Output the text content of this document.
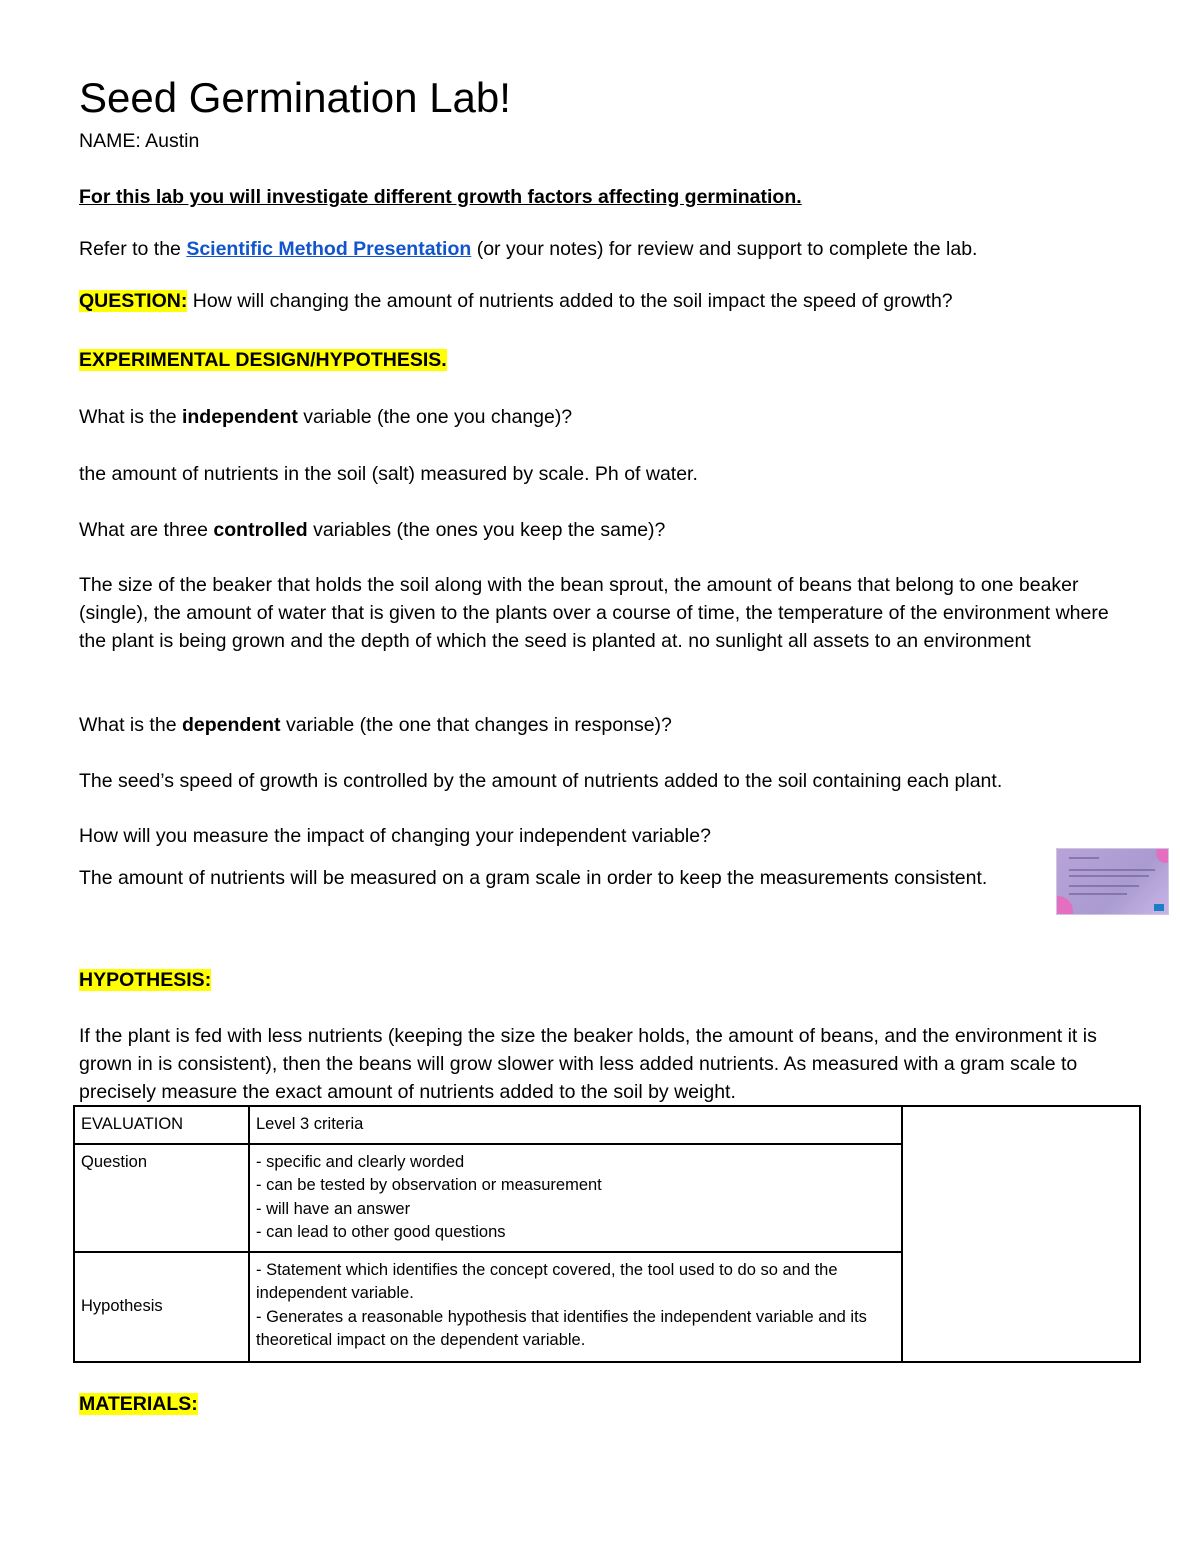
Seed Germination Lab!
NAME: Austin
For this lab you will investigate different growth factors affecting germination.
Refer to the Scientific Method Presentation (or your notes) for review and support to complete the lab.
QUESTION: How will changing the amount of nutrients added to the soil impact the speed of growth?
EXPERIMENTAL DESIGN/HYPOTHESIS.
What is the independent variable (the one you change)?
the amount of nutrients in the soil (salt) measured by scale. Ph of water.
What are three controlled variables (the ones you keep the same)?
The size of the beaker that holds the soil along with the bean sprout, the amount of beans that belong to one beaker (single), the amount of water that is given to the plants over a course of time, the temperature of the environment where the plant is being grown and the depth of which the seed is planted at. no sunlight all assets to an environment
What is the dependent variable (the one that changes in response)?
The seed’s speed of growth is controlled by the amount of nutrients added to the soil containing each plant.
How will you measure the impact of changing your independent variable?
The amount of nutrients will be measured on a gram scale in order to keep the measurements consistent.
HYPOTHESIS:
If the plant is fed with less nutrients (keeping the size the beaker holds, the amount of beans, and the environment it is grown in is consistent), then the beans will grow slower with less added nutrients. As measured with a gram scale to precisely measure the exact amount of nutrients added to the soil by weight.
EVALUATION	Level 3 criteria	
Question	- specific and clearly worded

- can be tested by observation or measurement

- will have an answer

- can lead to other good questions	

Hypothesis	- Statement which identifies the concept covered, the tool used to do so and the independent variable.

- Generates a reasonable hypothesis that identifies the independent variable and its theoretical impact on the dependent variable.	

MATERIALS:
